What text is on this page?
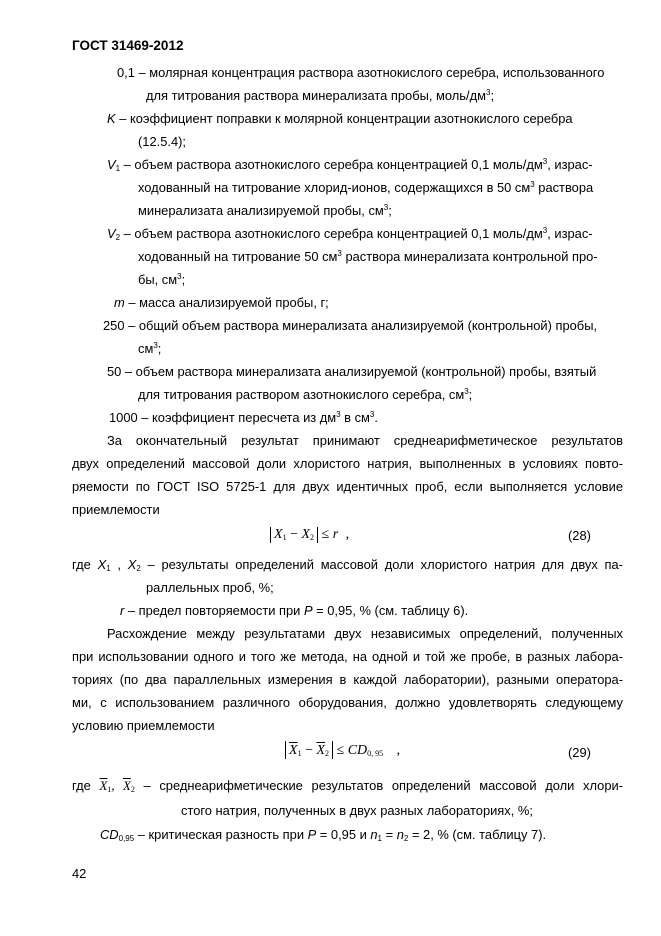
ГОСТ 31469-2012
0,1 – молярная концентрация раствора азотнокислого серебра, использованного
для титрования раствора минерализата пробы, моль/$дм^3$;
K – коэффициент поправки к молярной концентрации азотнокислого серебра
(12.5.4);
$V_1$ – объем раствора азотнокислого серебра концентрацией 0,1 моль/$дм^3$, израс-
ходованный на титрование хлорид-ионов, содержащихся в 50 $см^3$ раствора
минерализата анализируемой пробы, $см^3$;
$V_2$ – объем раствора азотнокислого серебра концентрацией 0,1 моль/$дм^3$, израс-
ходованный на титрование 50 $см^3$ раствора минерализата контрольной про-
бы, $см^3$;
m – масса анализируемой пробы, г;
250 – общий объем раствора минерализата анализируемой (контрольной) пробы,
$см^3$;
50 – объем раствора минерализата анализируемой (контрольной) пробы, взятый
для титрования раствором азотнокислого серебра, $см^3$;
1000 – коэффициент пересчета из $дм^3$ в $см^3$.
За окончательный результат принимают среднеарифметическое результатов
двух определений массовой доли хлористого натрия, выполненных в условиях повто-
ряемости по ГОСТ ISO 5725-1 для двух идентичных проб, если выполняется условие
приемлемости
$X_1 - X_2 \le r$ ,	(28)
где $X_1$ , $X_2$ – результаты определений массовой доли хлористого натрия для двух па-
раллельных проб, %;
r – предел повторяемости при P = 0,95, % (см. таблицу 6).
Расхождение между результатами двух независимых определений, полученных
при использовании одного и того же метода, на одной и той же пробе, в разных лабора-
ториях (по два параллельных измерения в каждой лаборатории), разными оператора-
ми, с использованием различного оборудования, должно удовлетворять следующему
условию приемлемости
$\overline{X}_1 - \overline{X}_2 \le CD_{0, 95}$ ,	(29)
где $\overline{X}_1$, $\overline{X}_2$ – среднеарифметические результатов определений массовой доли хлори-
стого натрия, полученных в двух разных лабораториях, %;
$CD_{0,95}$ – критическая разность при P = 0,95 и $n_1 = n_2 = 2$, % (см. таблицу 7).
42
